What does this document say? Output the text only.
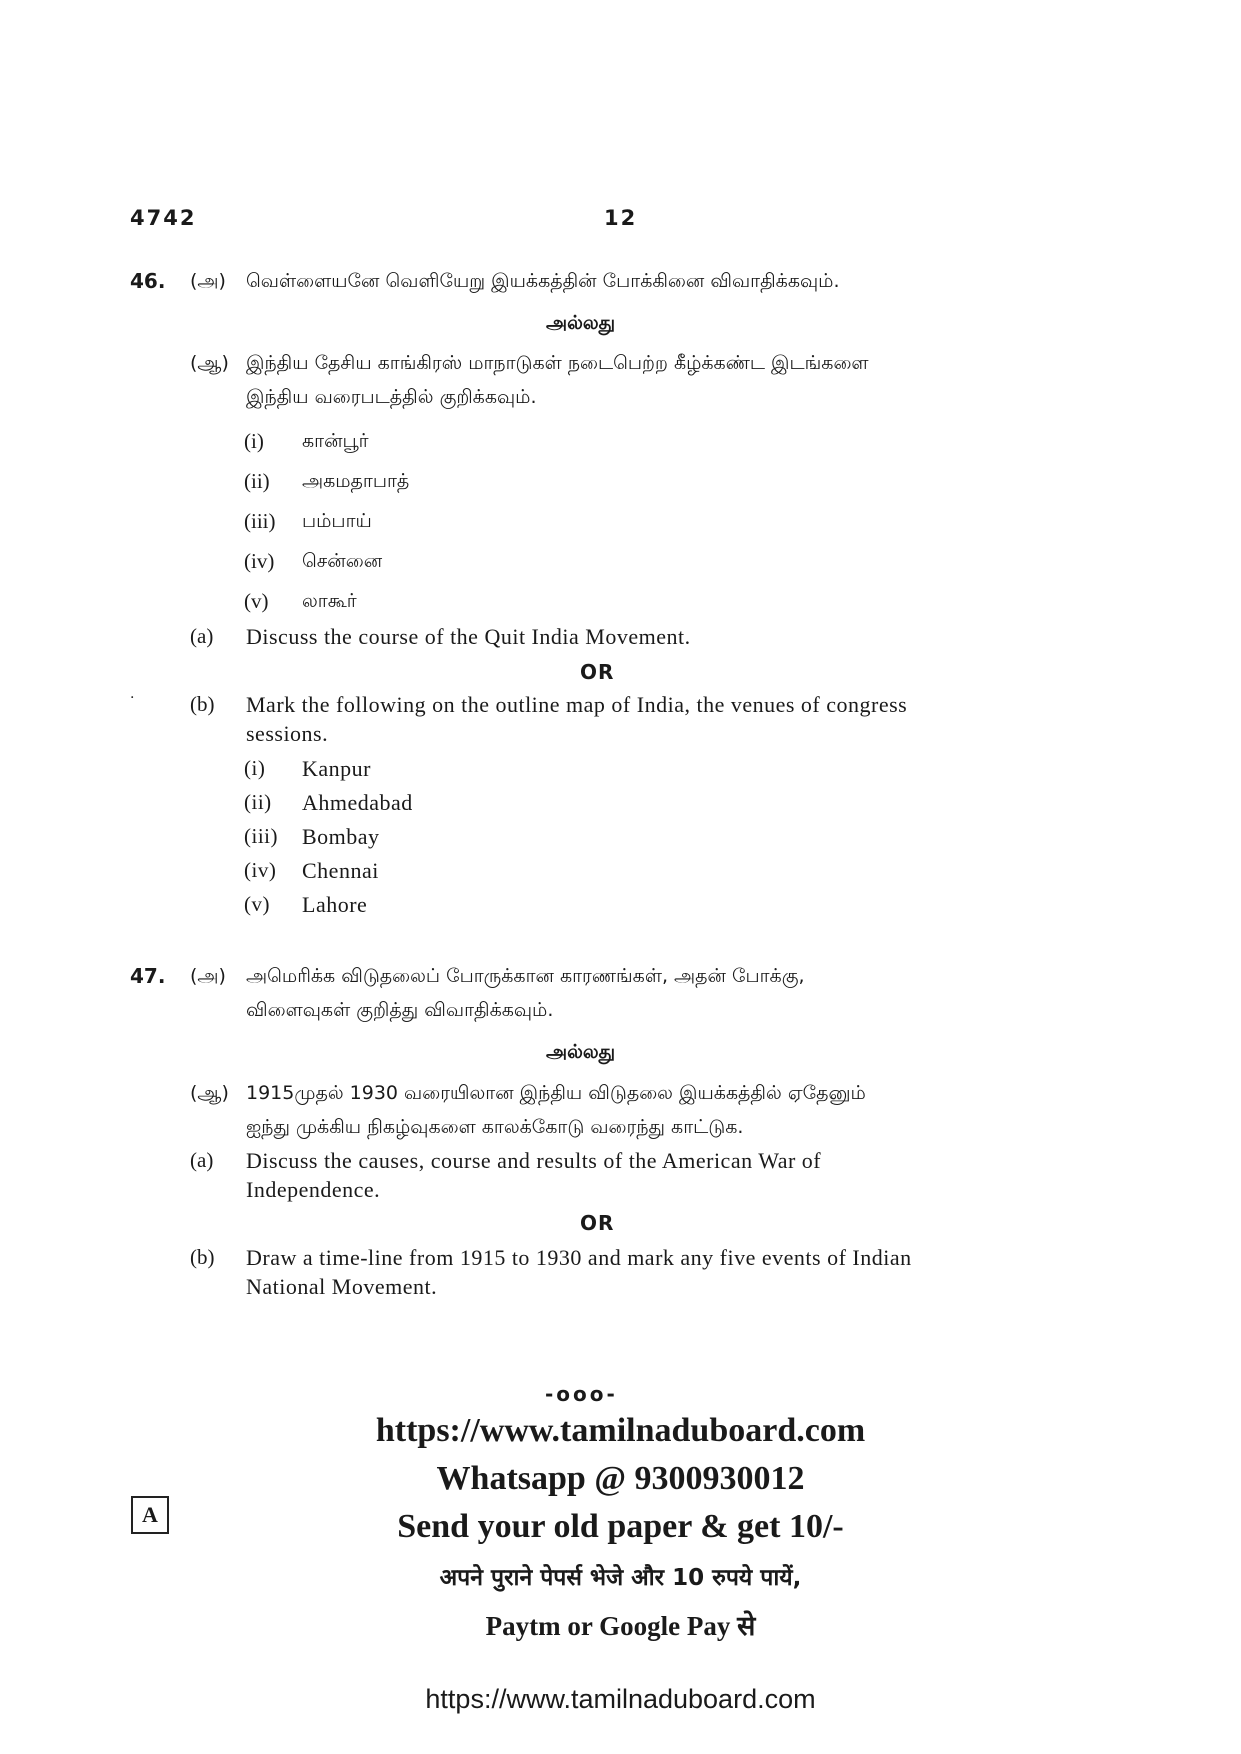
4742	12
46. (அ) வெள்ளையனே வெளியேறு இயக்கத்தின் போக்கினை விவாதிக்கவும்.
அல்லது
(ஆ) இந்திய தேசிய காங்கிரஸ் மாநாடுகள் நடைபெற்ற கீழ்க்கண்ட இடங்களை
இந்திய வரைபடத்தில் குறிக்கவும்.
(i) கான்பூர்
(ii) அகமதாபாத்
(iii) பம்பாய்
(iv) சென்னை
(v) லாகூர்
(a) Discuss the course of the Quit India Movement.
OR
·	(b) Mark the following on the outline map of India, the venues of congress
sessions.
(i) Kanpur
(ii) Ahmedabad
(iii) Bombay
(iv) Chennai
(v) Lahore
47. (அ) அமெரிக்க விடுதலைப் போருக்கான காரணங்கள், அதன் போக்கு,
விளைவுகள் குறித்து விவாதிக்கவும்.
அல்லது
(ஆ) 1915முதல் 1930 வரையிலான இந்திய விடுதலை இயக்கத்தில் ஏதேனும்
ஐந்து முக்கிய நிகழ்வுகளை காலக்கோடு வரைந்து காட்டுக.
(a) Discuss the causes, course and results of the American War of
Independence.
OR
(b) Draw a time-line from 1915 to 1930 and mark any five events of Indian
National Movement.
-ooo-
A
https://www.tamilnaduboard.com
Whatsapp @ 9300930012
Send your old paper & get 10/-
अपने पुराने पेपर्स भेजे और 10 रुपये पायें,
Paytm or Google Pay से
https://www.tamilnaduboard.com
